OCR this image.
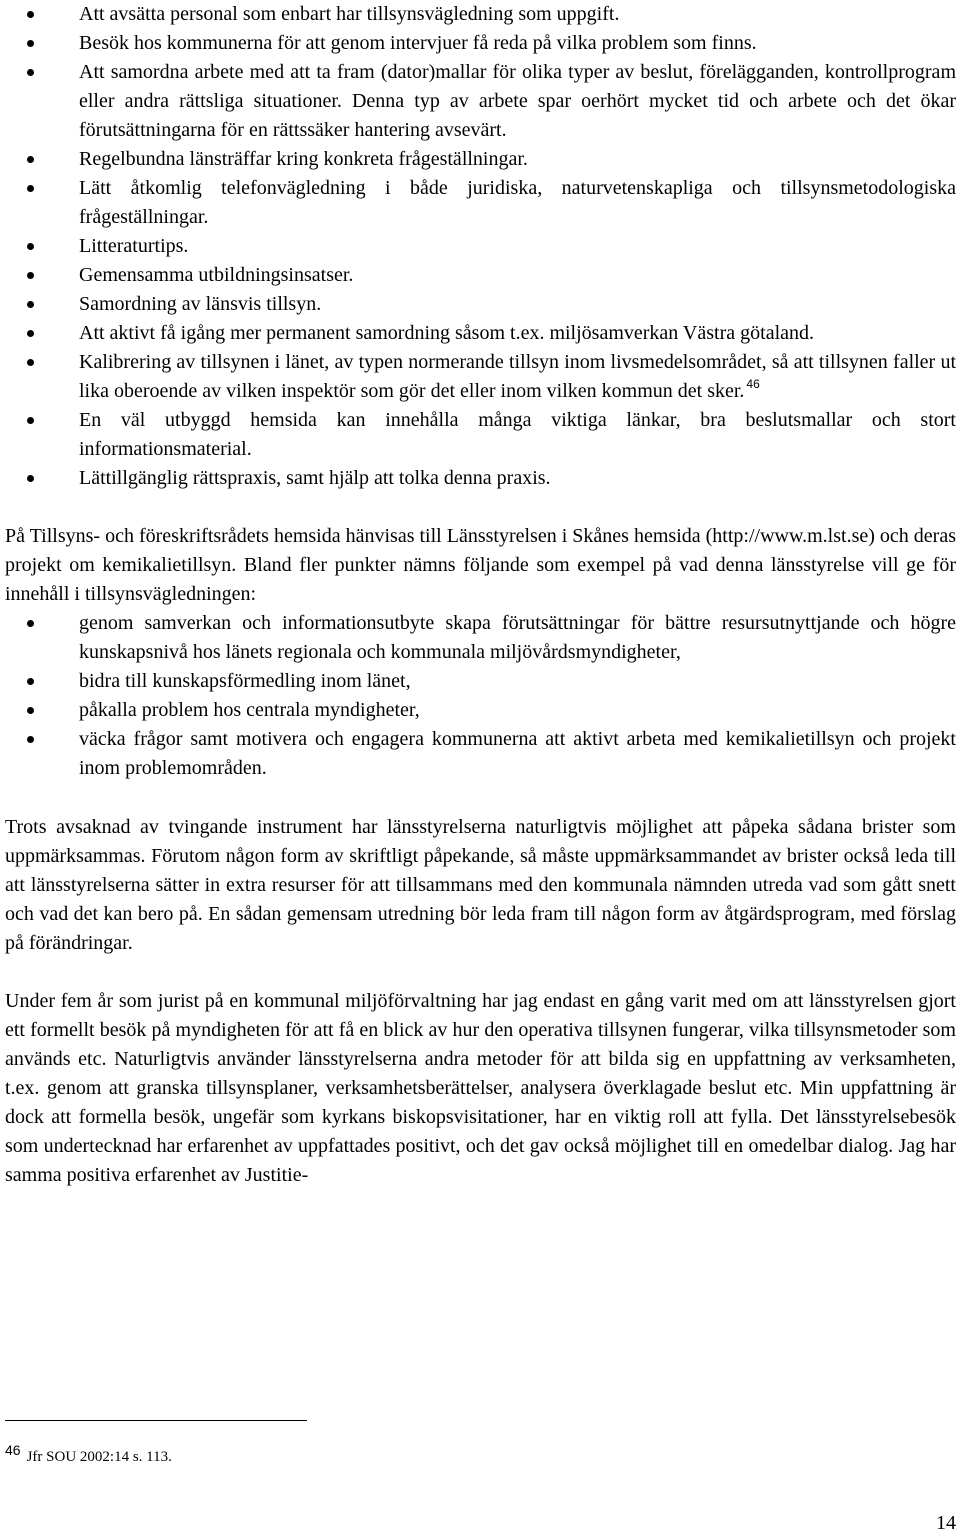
Att avsätta personal som enbart har tillsynsvägledning som uppgift.
Besök hos kommunerna för att genom intervjuer få reda på vilka problem som finns.
Att samordna arbete med att ta fram (dator)mallar för olika typer av beslut, förelägganden, kontrollprogram eller andra rättsliga situationer. Denna typ av arbete spar oerhört mycket tid och arbete och det ökar förutsättningarna för en rättssäker hantering avsevärt.
Regelbundna länsträffar kring konkreta frågeställningar.
Lätt åtkomlig telefonvägledning i både juridiska, naturvetenskapliga och tillsynsmetodologiska frågeställningar.
Litteraturtips.
Gemensamma utbildningsinsatser.
Samordning av länsvis tillsyn.
Att aktivt få igång mer permanent samordning såsom t.ex. miljösamverkan Västra götaland.
Kalibrering av tillsynen i länet, av typen normerande tillsyn inom livsmedelsområdet, så att tillsynen faller ut lika oberoende av vilken inspektör som gör det eller inom vilken kommun det sker. $^{46}$
En väl utbyggd hemsida kan innehålla många viktiga länkar, bra beslutsmallar och stort informationsmaterial.
Lättillgänglig rättspraxis, samt hjälp att tolka denna praxis.

På Tillsyns- och föreskriftsrådets hemsida hänvisas till Länsstyrelsen i Skånes hemsida (http://www.m.lst.se) och deras projekt om kemikalietillsyn. Bland fler punkter nämns följande som exempel på vad denna länsstyrelse vill ge för innehåll i tillsynsvägledningen:

genom samverkan och informationsutbyte skapa förutsättningar för bättre resursutnyttjande och högre kunskapsnivå hos länets regionala och kommunala miljövårdsmyndigheter,
bidra till kunskapsförmedling inom länet,
påkalla problem hos centrala myndigheter,
väcka frågor samt motivera och engagera kommunerna att aktivt arbeta med kemikalietillsyn och projekt inom problemområden.

Trots avsaknad av tvingande instrument har länsstyrelserna naturligtvis möjlighet att påpeka sådana brister som uppmärksammas. Förutom någon form av skriftligt påpekande, så måste uppmärksammandet av brister också leda till att länsstyrelserna sätter in extra resurser för att tillsammans med den kommunala nämnden utreda vad som gått snett och vad det kan bero på. En sådan gemensam utredning bör leda fram till någon form av åtgärdsprogram, med förslag på förändringar.

Under fem år som jurist på en kommunal miljöförvaltning har jag endast en gång varit med om att länsstyrelsen gjort ett formellt besök på myndigheten för att få en blick av hur den operativa tillsynen fungerar, vilka tillsynsmetoder som används etc. Naturligtvis använder länsstyrelserna andra metoder för att bilda sig en uppfattning av verksamheten, t.ex. genom att granska tillsynsplaner, verksamhetsberättelser, analysera överklagade beslut etc. Min uppfattning är dock att formella besök, ungefär som kyrkans biskopsvisitationer, har en viktig roll att fylla. Det länsstyrelsebesök som undertecknad har erfarenhet av uppfattades positivt, och det gav också möjlighet till en omedelbar dialog. Jag har samma positiva erfarenhet av Justitie-

46 Jfr SOU 2002:14 s. 113.
14
